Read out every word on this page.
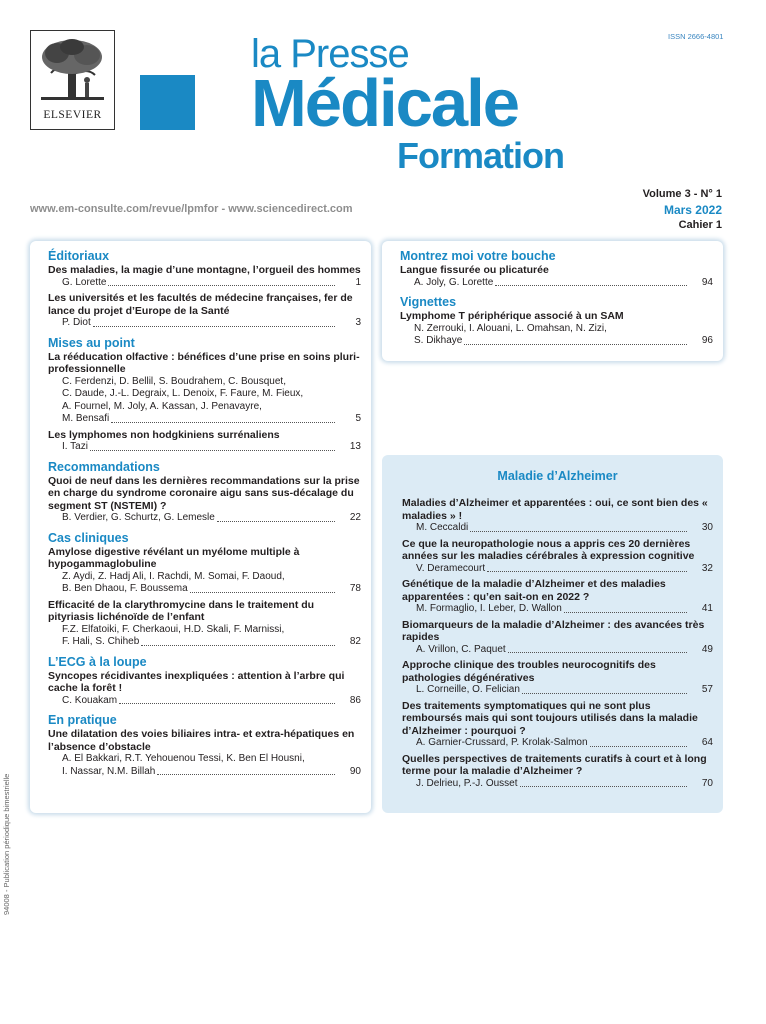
ELSEVIER
la Presse
Médicale
Formation
ISSN 2666-4801
Volume 3 - N° 1
Mars 2022
Cahier 1
www.em-consulte.com/revue/lpmfor - www.sciencedirect.com
94008 - Publication périodique bimestrielle
Éditoriaux
Des maladies, la magie d’une montagne, l’orgueil des hommes
G. Lorette	1
Les universités et les facultés de médecine françaises, fer de lance du projet d’Europe de la Santé
P. Diot	3
Mises au point
La rééducation olfactive : bénéfices d’une prise en soins pluri-professionnelle
C. Ferdenzi, D. Bellil, S. Boudrahem, C. Bousquet,
C. Daude, J.-L. Degraix, L. Denoix, F. Faure, M. Fieux,
A. Fournel, M. Joly, A. Kassan, J. Penavayre,
M. Bensafi	5
Les lymphomes non hodgkiniens surrénaliens
I. Tazi	13
Recommandations
Quoi de neuf dans les dernières recommandations sur la prise en charge du syndrome coronaire aigu sans sus-décalage du segment ST (NSTEMI) ?
B. Verdier, G. Schurtz, G. Lemesle	22
Cas cliniques
Amylose digestive révélant un myélome multiple à hypogammaglobuline
Z. Aydi, Z. Hadj Ali, I. Rachdi, M. Somai, F. Daoud,
B. Ben Dhaou, F. Boussema	78
Efficacité de la clarythromycine dans le traitement du pityriasis lichénoïde de l’enfant
F.Z. Elfatoiki, F. Cherkaoui, H.D. Skali, F. Marnissi,
F. Hali, S. Chiheb	82
L’ECG à la loupe
Syncopes récidivantes inexpliquées : attention à l’arbre qui cache la forêt !
C. Kouakam	86
En pratique
Une dilatation des voies biliaires intra- et extra-hépatiques en l’absence d’obstacle
A. El Bakkari, R.T. Yehouenou Tessi, K. Ben El Housni,
I. Nassar, N.M. Billah	90
Montrez moi votre bouche
Langue fissurée ou plicaturée
A. Joly, G. Lorette	94
Vignettes
Lymphome T périphérique associé à un SAM
N. Zerrouki, I. Alouani, L. Omahsan, N. Zizi,
S. Dikhaye	96
Maladie d’Alzheimer
Maladies d’Alzheimer et apparentées : oui, ce sont bien des « maladies » !
M. Ceccaldi	30
Ce que la neuropathologie nous a appris ces 20 dernières années sur les maladies cérébrales à expression cognitive
V. Deramecourt	32
Génétique de la maladie d’Alzheimer et des maladies apparentées : qu’en sait-on en 2022 ?
M. Formaglio, I. Leber, D. Wallon	41
Biomarqueurs de la maladie d’Alzheimer : des avancées très rapides
A. Vrillon, C. Paquet	49
Approche clinique des troubles neurocognitifs des pathologies dégénératives
L. Corneille, O. Felician	57
Des traitements symptomatiques qui ne sont plus remboursés mais qui sont toujours utilisés dans la maladie d’Alzheimer : pourquoi ?
A. Garnier-Crussard, P. Krolak-Salmon	64
Quelles perspectives de traitements curatifs à court et à long terme pour la maladie d’Alzheimer ?
J. Delrieu, P.-J. Ousset	70
